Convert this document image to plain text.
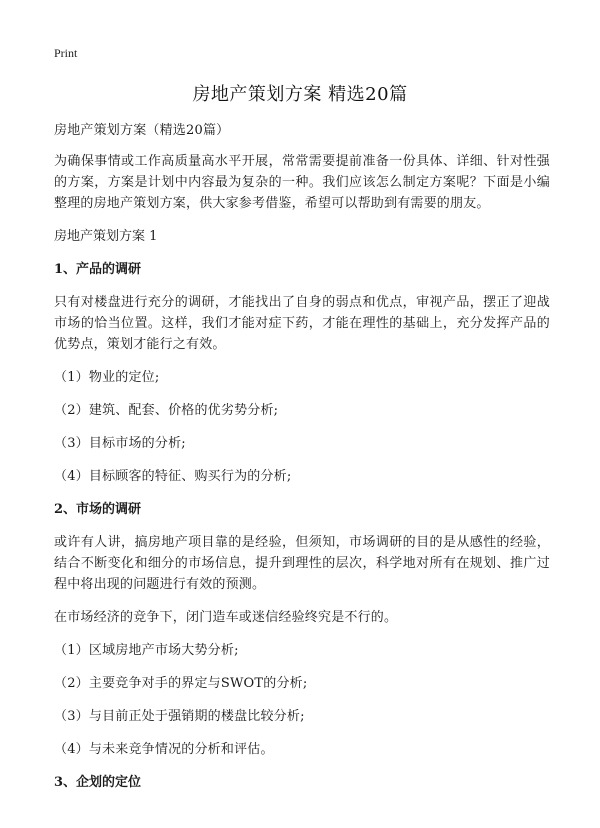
Print
房地产策划方案 精选20篇

房地产策划方案（精选20篇）

为确保事情或工作高质量高水平开展，常常需要提前准备一份具体、详细、针对性强的方案，方案是计划中内容最为复杂的一种。我们应该怎么制定方案呢？下面是小编整理的房地产策划方案，供大家参考借鉴，希望可以帮助到有需要的朋友。

房地产策划方案 1

1、产品的调研

只有对楼盘进行充分的调研，才能找出了自身的弱点和优点，审视产品，摆正了迎战市场的恰当位置。这样，我们才能对症下药，才能在理性的基础上，充分发挥产品的优势点，策划才能行之有效。

（1）物业的定位;

（2）建筑、配套、价格的优劣势分析;

（3）目标市场的分析;

（4）目标顾客的特征、购买行为的分析;

2、市场的调研

或许有人讲，搞房地产项目靠的是经验，但须知，市场调研的目的是从感性的经验，结合不断变化和细分的市场信息，提升到理性的层次，科学地对所有在规划、推广过程中将出现的问题进行有效的预测。

在市场经济的竞争下，闭门造车或迷信经验终究是不行的。

（1）区域房地产市场大势分析;

（2）主要竞争对手的界定与SWOT的分析;

（3）与目前正处于强销期的楼盘比较分析;

（4）与未来竞争情况的分析和评估。

3、企划的定位
